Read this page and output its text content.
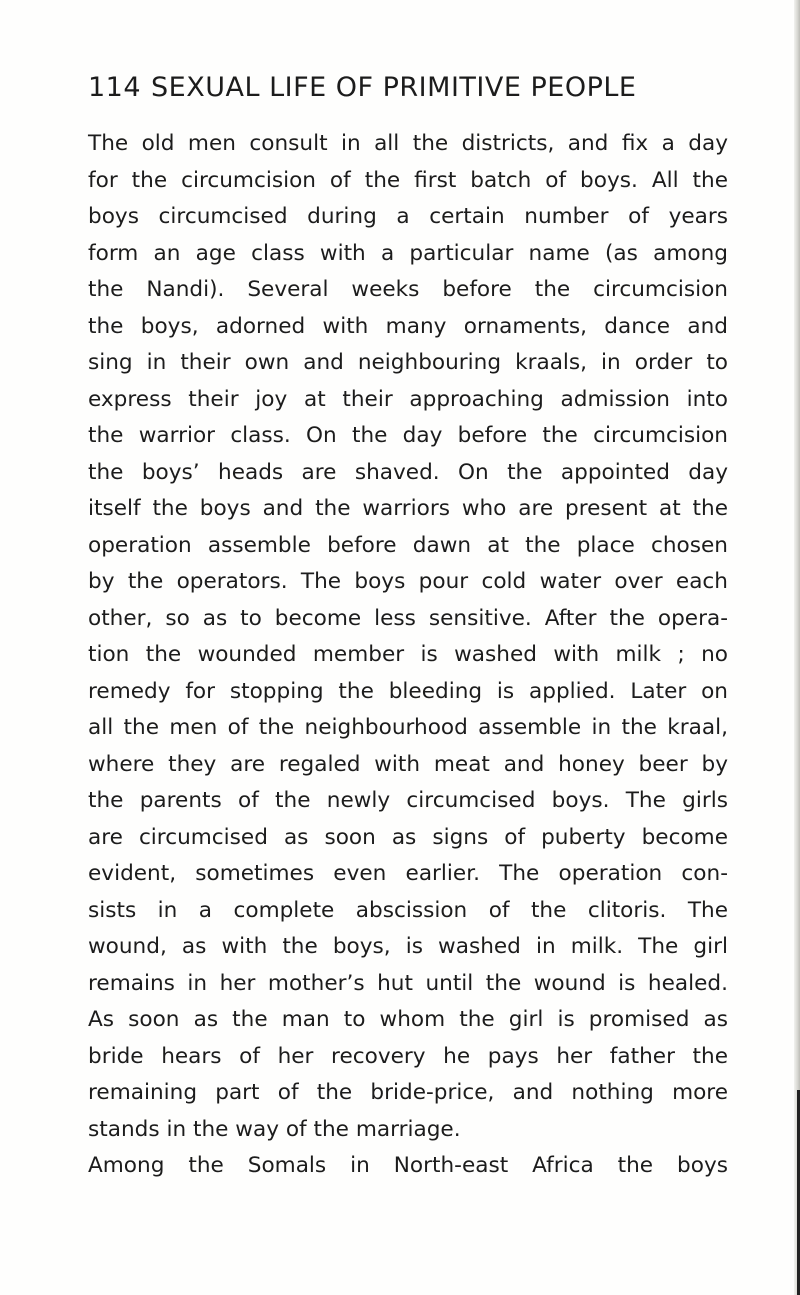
114 SEXUAL LIFE OF PRIMITIVE PEOPLE
The old men consult in all the districts, and fix a day
for the circumcision of the first batch of boys. All the
boys circumcised during a certain number of years
form an age class with a particular name (as among
the Nandi). Several weeks before the circumcision
the boys, adorned with many ornaments, dance and
sing in their own and neighbouring kraals, in order to
express their joy at their approaching admission into
the warrior class. On the day before the circumcision
the boys’ heads are shaved. On the appointed day
itself the boys and the warriors who are present at the
operation assemble before dawn at the place chosen
by the operators. The boys pour cold water over each
other, so as to become less sensitive. After the opera-
tion the wounded member is washed with milk ; no
remedy for stopping the bleeding is applied. Later on
all the men of the neighbourhood assemble in the kraal,
where they are regaled with meat and honey beer by
the parents of the newly circumcised boys. The girls
are circumcised as soon as signs of puberty become
evident, sometimes even earlier. The operation con-
sists in a complete abscission of the clitoris. The
wound, as with the boys, is washed in milk. The girl
remains in her mother’s hut until the wound is healed.
As soon as the man to whom the girl is promised as
bride hears of her recovery he pays her father the
remaining part of the bride-price, and nothing more
stands in the way of the marriage.
Among the Somals in North-east Africa the boys
